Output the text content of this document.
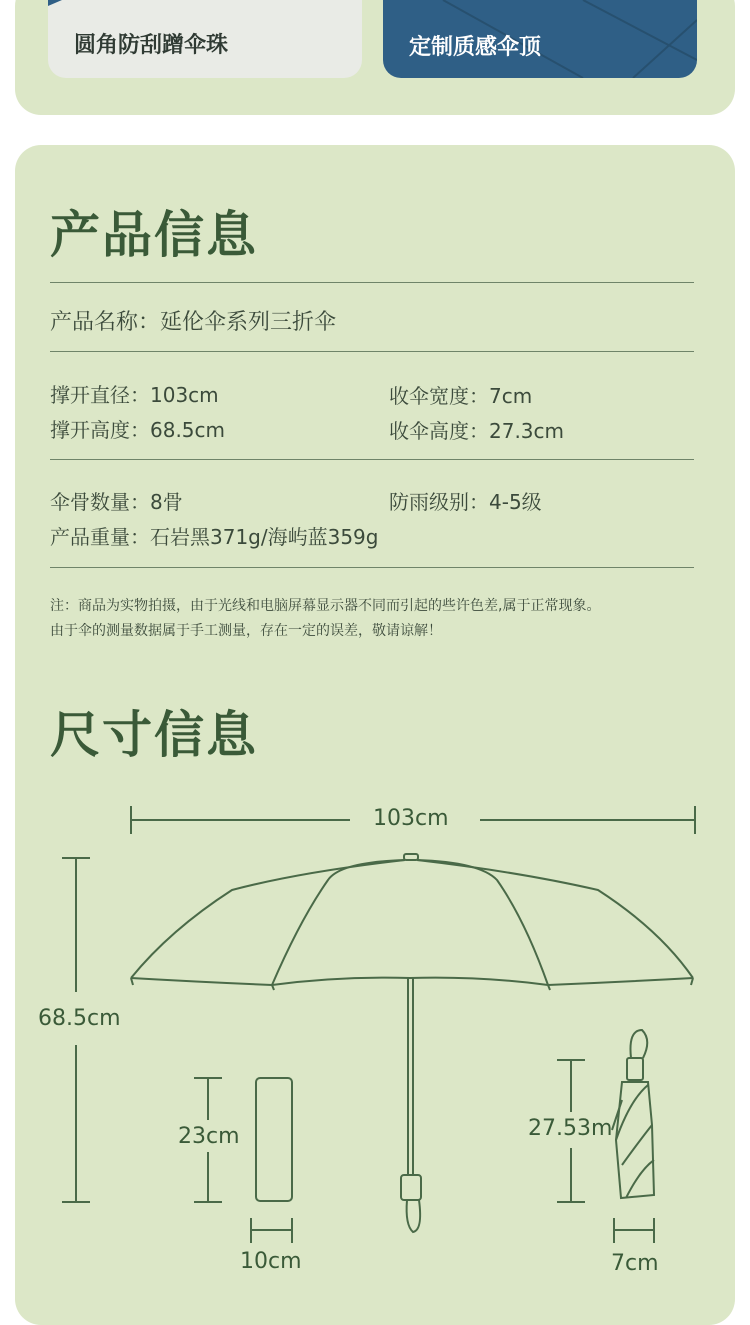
圆角防刮蹭伞珠	定制质感伞顶
产品信息
产品名称：延伦伞系列三折伞
撑开直径：103cm	收伞宽度：7cm
撑开高度：68.5cm	收伞高度：27.3cm
伞骨数量：8骨	防雨级别：4-5级
产品重量：石岩黑371g/海屿蓝359g
注：商品为实物拍摄，由于光线和电脑屏幕显示器不同而引起的些许色差,属于正常现象。
由于伞的测量数据属于手工测量，存在一定的误差，敬请谅解！
尺寸信息
103cm
68.5cm
23cm
10cm
27.53m
7cm
